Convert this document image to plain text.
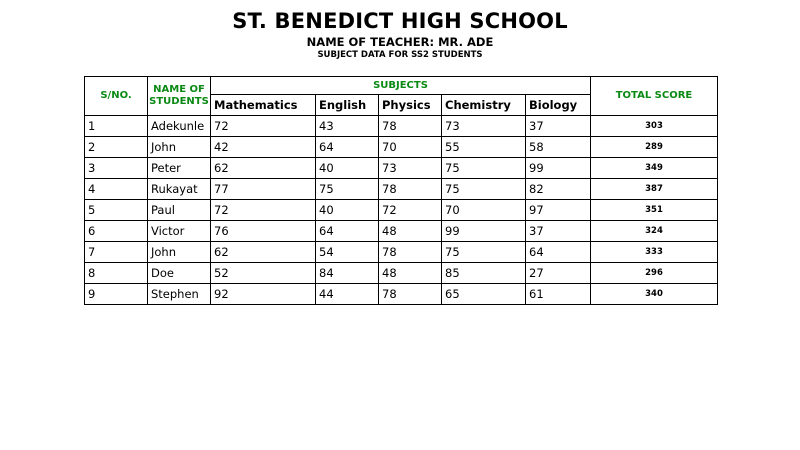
ST. BENEDICT HIGH SCHOOL
NAME OF TEACHER: MR. ADE
SUBJECT DATA FOR SS2 STUDENTS
S/NO.	NAME OF STUDENTS	SUBJECTS					TOTAL SCORE
		Mathematics	English	Physics	Chemistry	Biology	
1	Adekunle	72	43	78	73	37	303
2	John	42	64	70	55	58	289
3	Peter	62	40	73	75	99	349
4	Rukayat	77	75	78	75	82	387
5	Paul	72	40	72	70	97	351
6	Victor	76	64	48	99	37	324
7	John	62	54	78	75	64	333
8	Doe	52	84	48	85	27	296
9	Stephen	92	44	78	65	61	340
